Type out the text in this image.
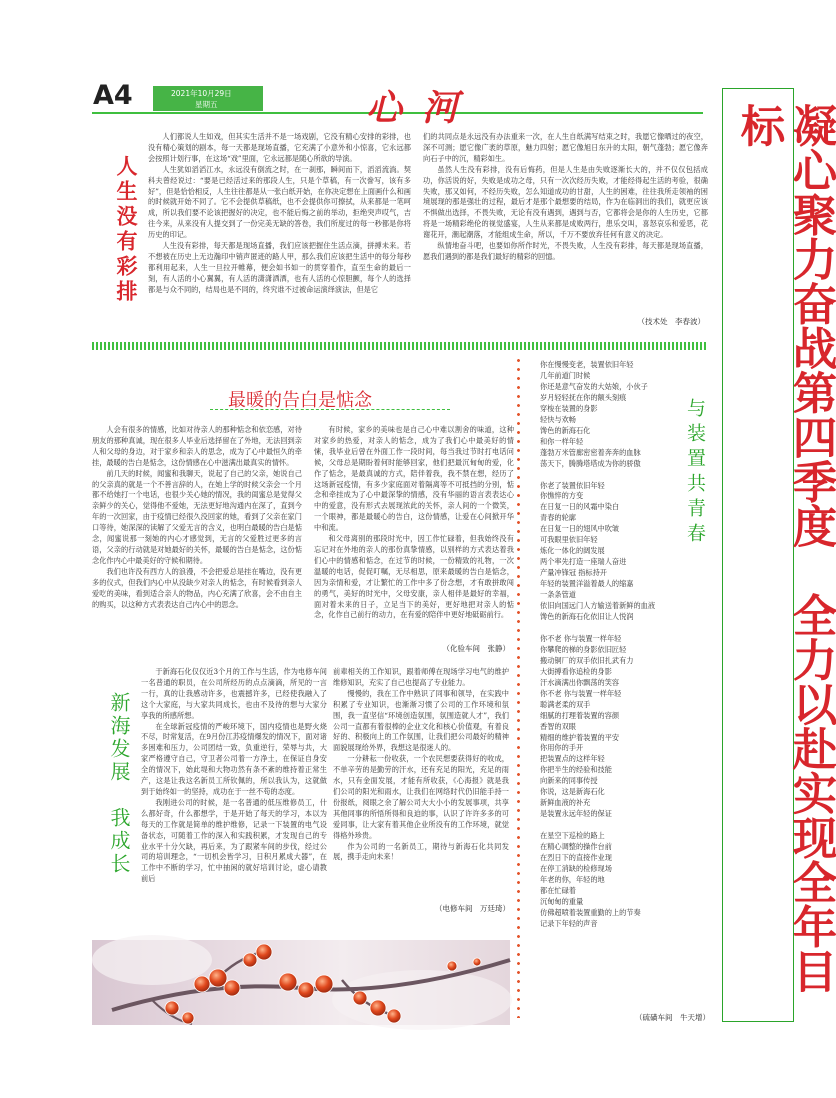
A4	2021年10月29日
星期五	心河	凝心聚力奋战第四季度　全力以赴实现全年目标
人生没有彩排

人们都说人生如戏，但其实生活并不是一场戏剧，它没有精心安排的彩排，也没有精心策划的剧本，每一天都是现场直播，它充满了小意外和小惊喜，它永远都会按照计划行事，在这场“戏”里面，它永远都是随心所欲的导演。

人生犹如滔滔江水，永远没有倒流之时，在一刹那，瞬间而下，滔滔流淌。契科夫曾经说过：“要是已经活过来的那段人生，只是个草稿，有一次誊写，该有多好”，但是恰恰相反，人生往往都是从一张白纸开始，在你决定想在上面画什么和画的时候就开始不同了。它不会提供草稿纸，也不会提供你可擦拭，从来都是一笔呵成，所以我们要不论该把握好的决定，也不能后悔之前的举动，拒绝突声哎气，吉往今来，从来没有人提交到了一份完美无缺的答卷，我们所度过的每一秒都是你将历史的印记。

人生没有彩排，每天都是现场直播，我们应该把握住生活点滴，拼搏未来。若不想被在历史上无边瀚印中销声匿迹的路人甲，那么我们应该把生活中的每分每秒都利用起来，人生一旦拉开帷幕，便会如书如一的贯穿着作，直至生命的最后一刻，有人活的小心翼翼，有人活的潇潇洒洒，也有人活的心惊胆颤，每个人的选择都是与众不同的，结局也是不同的，终究谁不过被命运演绎演法，但是它

们的共同点是永远没有办法重来一次，在人生自纸满写结束之时，我愿它像晒过的夜空，深不可测；愿它像广袤的草原，魅力四射；愿它像旭日东升的太阳，朝气蓬勃；愿它像奔向石子中的沉，精彩如生。

虽然人生没有彩排，没有后悔药，但是人生是由失败逐渐长大的，并不仅仅包括成功，你活说的好，失败是成功之母，只有一次次经历失败，才能经得起生活的考验，很确失败，那又如何，不经历失败，怎么知道成功的甘甜，人生的困难，往往我所走领袖的困境展现的那是强壮的过程，最后才是那个最想要的结局，作为在临洞出的我们，就更应该不惧做出选择，不畏失败，无论有没有遇到，遇到与否，它都将会是你的人生历史，它都将是一场精彩绝伦的视觉盛宴，人生从来都是成败两行，患乐交叫，喜怒哀乐和爱恶，花谢花开，潮起潮落，才能组成生命，所以，千万不要放弃任何有意义的决定。

纵情地奋斗吧，也要如你所作时光，不畏失败，人生没有彩排，每天都是现场直播，愿我们遇到的都是我们最好的精彩的回憶。

（技术处　李春波）
最暖的告白是惦念

人会有很多的情感，比如对待亲人的那种惦念和依恋感，对待朋友的那种真诚，现在很多人毕业后选择留在了外地，无法回到亲人和父母的身边，对于家乡和亲人的思念，成为了心中最恒久的牵挂，最暖的告白是惦念，这份情感在心中滋满出最真实的情怀。

前几天的时候，闻蜜和我聊天，说起了自己的父亲，她说自己的父亲真的就是一个不善言辞的人，在她上学的时候父亲会一个月都不给她打一个电话，也很少关心她的情况，我的闺蜜总是觉得父亲鲜少的关心，觉得他不爱她，无法更好地沟通内在深了，直到今年的一次回家，由于疫情已经很久没回家的她，看到了父亲在家门口等待，她深深的读解了父爱无言的含义，也明白最暖的告白是惦念，闻蜜说那一刻她的内心才感觉到，无言的父爱胜过更多的言语，父亲的行动就是对她最好的关怀，最暖的告白是惦念，这份惦念化作内心中最美好的守候和期待。

我们也许没有西方人的浪漫，不会把爱总是挂在嘴边，没有更多的仪式，但我们内心中从没缺少对亲人的惦念，有时候看到亲人爱吃的美味，看到适合亲人的物品，内心充满了欣喜，会不由自主的购买，以这种方式表表达自己内心中的思念。

有时候，家乡的美味也是自己心中难以割舍的味道，这种对家乡的热爱，对亲人的惦念，成为了我们心中最美好的情愫，我毕业后曾在外面工作一段时间，每当我过节时打电话问候，父母总是期盼着何时能够回家，他们把最沉甸甸的爱，化作了惦念，是最真诚的方式，陪伴着我，我不禁在想，经历了这场新冠疫情，有多少家庭面对着隔离等不可抵挡的分别，惦念和牵挂成为了心中最深挚的情感，没有华丽的语言表表达心中的爱意，没有形式去展现浓此的关怀，亲人间的一个微笑，一个眼神，都是最暖心的告白，这份情感，让爱在心间掀开华中和流。

和父母离别的那段时光中，因工作忙碌着，但我始终没有忘记对在外地的亲人的那份真挚情感，以别样的方式表达着我们心中的情感和惦念，在过节的时候，一份精致的礼物，一次温暖的电话，促促叮嘱，无尽相思，原来最暖的告白是惦念，因为亲情和爱，才让繁忙的工作中多了份念想，才有敢拼敢闯的勇气，美好的时光中，父母安康，亲人相伴是最好的幸福，面对着未来的日子，立足当下的美好，更好地把对亲人的惦念，化作自己前行的动力，在有爱的陪伴中更好地砥砺前行。

（化验车间　张静）

你在慢慢变老，装置依旧年轻

几年前道门时候

你还是意气奋发的大姑娘，小伙子

岁月轻轻抚在你的额头刻痕

穿梭在装置的身影

轻快与欢畅

馋色的新海石化

和你一样年轻

蓬勃万米管廊密密着奔奔的血脉

荡天下，腾腾塔塔成为你的骄傲

你老了装置依旧年轻

你憔悴的方变

在日复一日的风霜中染白

青春的轮廓

在日复一日的翅风中吹皱

可我眼里依旧年轻

炼化一体化的阔发展

两个率先打造一座瑞人奋进

产量冲锋冠 指标持开

年轻的装置洋溢着最人的缩嘉

一条条管道

依旧向国远门人方输送着新鲜的血液

馋色的新海石化依旧让人悦润

你不老 你与装置一样年轻

你攀爬的梯的身影依旧匠轻

搬动铜厂的双手依旧扎武有力

大街搏看你追检的身影

汗水滴满出你飘荡的笑容

你不老 你与装置一样年轻

聪满老柔的双手

细腻的打理着装置的容颜

香智的双眼

精细的维护着装置的平安

你用你的手开

把装置点的这样年轻

你把半生的经验和技能

向新来的同事传授

你说，这是新海石化

新鲜血液的补充

是装置永远年轻的保证

在星空下巡检的路上

在精心调整的操作台前

在烈日下的直接作业现

在停工消缺的检修现场

年老的你，年轻的地

都在忙碌着

沉甸甸的重量

仿佛超喷着装置重勤的上的节奏

记录下年轻的声音

与装置共青春
（硫磺车间　牛天增）
新海发展　我成长

于新海石化仅仅近3个月的工作与生活，作为电修车间一名普通的职员，在公司所经历的点点滴滴，所见的一言一行，真的让我感动许多，也震撼许多，已经使我融入了这个大家庭，与大家共同成长，也由不及待的想与大家分享我的所感所想。

在全球新冠疫情的严峻环境下，国内疫情也是野火烧不尽，时常复活，在9月份江苏疫情爆发的情况下，面对诸多困难和压力，公司团结一致，负重逆行，荣辱与共，大家严格遵守自己，守卫者公司着一方净土，在保证自身安全的情况下，始此堤和大物功然有条不紊的维持着正常生产，这是让我这名新员工所钦佩的，所以我认为，这就做到于始终如一的坚持，成功在于一丝不苟的态度。

我刚进公司的时候，是一名普通的低压维修员工，什么都好奇，什么都想学，于是开始了每天的学习，本以为每天的工作就是简单的维护维修，记录一下装置的电气设备状态，可随着工作的深入和实践积累，才发现自己的专业水平十分欠缺，再后来，为了跟紧车间的步伐，经过公司的培训理念，“一切机会皆学习，日积月累成大器”，在工作中不断的学习，忙中抽闲的就好培训讨论，虚心请教前后

前辈相关的工作知识，跟着师傅在现场学习电气的维护维修知识，充实了自己也提高了专业能力。

慢慢的，我在工作中熟识了同事和领导，在实践中积累了专业知识，也渐渐习惯了公司的工作环境和氛围，我一直坚信“环境创造氛围，氛围造就人才”，我们公司一直都有着很棒的企业文化和核心价值观，有着良好的、积极向上的工作氛围，让我们把公司最好的精神面貌展现给外界，我想这是很迷人的。

一分耕耘一份收获，一个农民想要获得好的收成，不单辛劳的是勤劳的汗水，还有充足的阳光，充足的雨水，只有金面发展，才能有所收获，《心海报》就是我们公司的阳光和雨水，让我们在网络时代仍旧能手持一份报纸，阅眼之余了解公司大大小小的发展事项，共享其他同事的所悟所得和良迫的事，认识了许许多多的可爱同事，让大家有着其他企业所没有的工作环境，就觉得格外珍贵。

作为公司的一名新员工，期待与新海石化共同发展，携手走向未来！

（电修车间　万廷琦）
